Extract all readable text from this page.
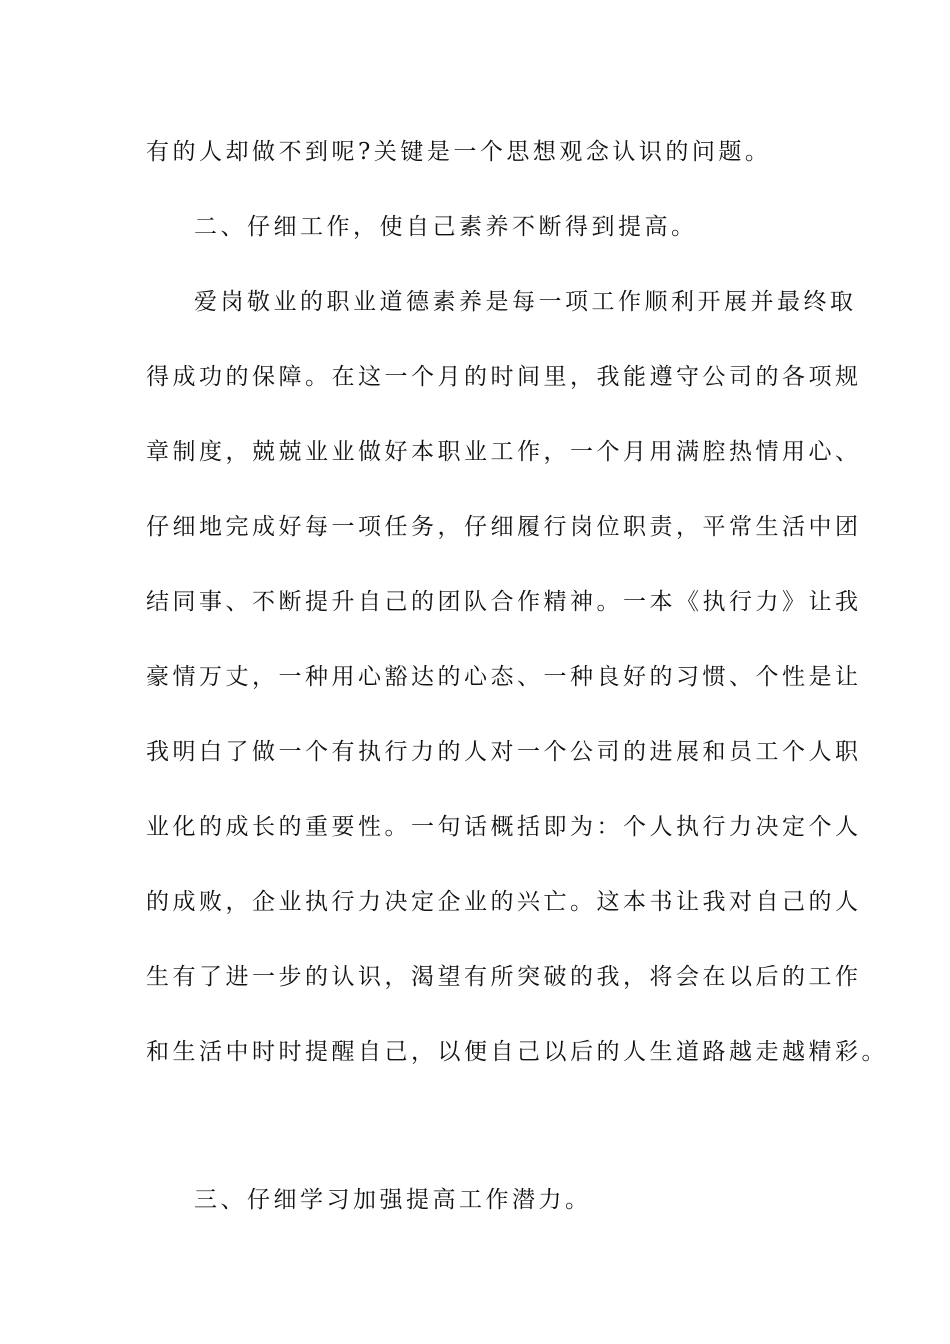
有的人却做不到呢?关键是一个思想观念认识的问题。
二、仔细工作，使自己素养不断得到提高。
爱岗敬业的职业道德素养是每一项工作顺利开展并最终取
得成功的保障。在这一个月的时间里，我能遵守公司的各项规
章制度，兢兢业业做好本职业工作，一个月用满腔热情用心、
仔细地完成好每一项任务，仔细履行岗位职责，平常生活中团
结同事、不断提升自己的团队合作精神。一本《执行力》让我
豪情万丈，一种用心豁达的心态、一种良好的习惯、个性是让
我明白了做一个有执行力的人对一个公司的进展和员工个人职
业化的成长的重要性。一句话概括即为：个人执行力决定个人
的成败，企业执行力决定企业的兴亡。这本书让我对自己的人
生有了进一步的认识，渴望有所突破的我，将会在以后的工作
和生活中时时提醒自己，以便自己以后的人生道路越走越精彩。
三、仔细学习加强提高工作潜力。
